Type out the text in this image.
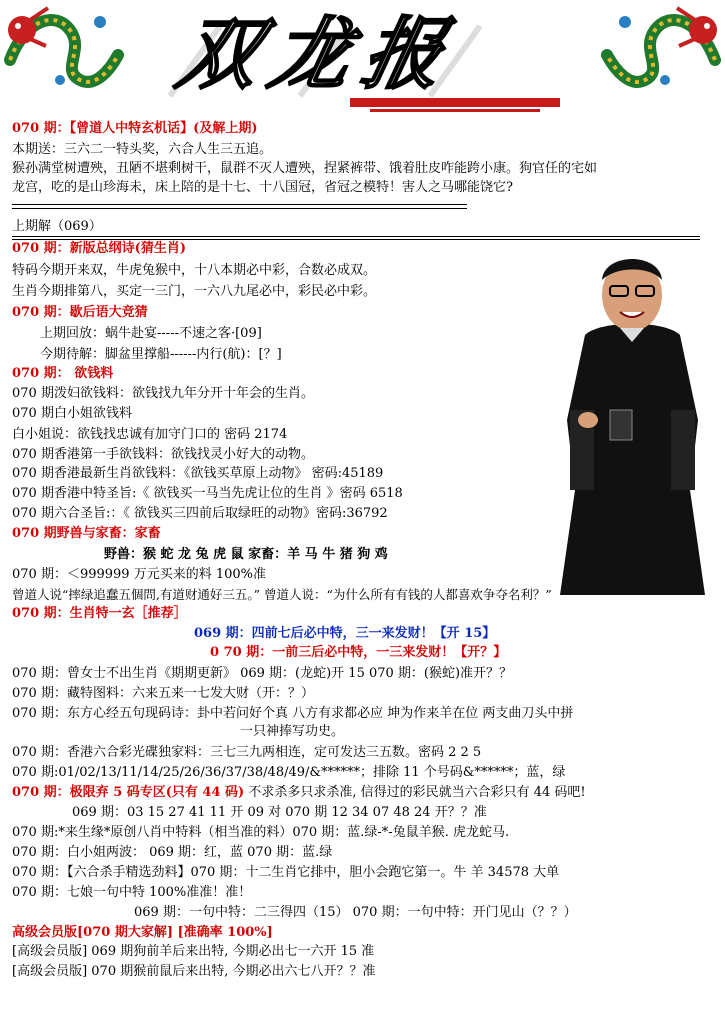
双龙报
070 期：【曾道人中特玄机话】(及解上期)
本期送：三六二一特头奖，六合人生三五追。
猴孙满堂树遭殃，丑陋不堪剩树干，鼠群不灭人遭殃，捏紧裤带、饿着肚皮咋能跨小康。狗官任的宅如
龙宫，吃的是山珍海未，床上陪的是十七、十八国冠，省冠之模特！害人之马哪能饶它?
上期解（069）
070 期：新版总纲诗(猜生肖)
特码今期开来双，牛虎兔猴中，十八本期必中彩，合数必成双。
生肖今期排第八，买定一三门，一六八九尾必中，彩民必中彩。
070 期：歇后语大竞猜
上期回放：蜗牛赴宴-----不速之客·[09]
今期待解：脚盆里撑船------内行(航)：[？]
070 期： 欲钱料
070 期泼妇欲钱料：欲钱找九年分开十年会的生肖。
070 期白小姐欲钱料
白小姐说：欲钱找忠诚有加守门口的 密码 2174
070 期香港第一手欲钱料：欲钱找灵小好大的动物。
070 期香港最新生肖欲钱料：《欲钱买草原上动物》 密码:45189
070 期香港中特圣旨:《 欲钱买一马当先虎让位的生肖 》密码 6518
070 期六合圣旨:：《 欲钱买三四前后取绿旺的动物》密码:36792
070 期野兽与家畜：家畜
野兽：猴 蛇 龙 兔 虎 鼠 家畜：羊 马 牛 猪 狗 鸡
070 期：＜999999 万元买来的料 100%准
曾道人说“摔绿追蠢五個問,有道财通好三五。” 曾道人说：“为什么所有有钱的人都喜欢争夺名利？”
070 期：生肖特一玄［推荐］
069 期：四前七后必中特，三一来发财！【开 15】
0 70 期：一前三后必中特，一三来发财！【开？】
070 期：曾女士不出生肖《期期更新》 069 期：(龙蛇)开 15 070 期：(猴蛇)准开？？
070 期：藏特图料：六来五来一七发大财（开：？）
070 期：东方心经五句现码诗：卦中若问好个真 八方有求都必应 坤为作来羊在位 两支曲刀头中拼
一只神捧写功史。
070 期：香港六合彩光碟独家料：三七三九两相连，定可发达三五数。密码 2 2 5
070 期:01/02/13/11/14/25/26/36/37/38/48/49/&******；排除 11 个号码&******；蓝，绿
070 期：极限弃 5 码专区(只有 44 码) 不求杀多只求杀准, 信得过的彩民就当六合彩只有 44 码吧!
069 期：03 15 27 41 11 开 09 对 070 期 12 34 07 48 24 开？？准
070 期:*来生缘*原创八肖中特料（相当准的料）070 期：蓝.绿-*-兔鼠羊猴. 虎龙蛇马.
070 期：白小姐两波： 069 期：红，蓝 070 期：蓝.绿
070 期：【六合杀手精选劲料】070 期：十二生肖它排中，胆小会跑它第一。牛 羊 34578 大单
070 期：七娘一句中特 100%准准！准！
069 期：一句中特：二三得四（15） 070 期：一句中特：开门见山（？？）
高级会员版[070 期大家解] [准确率 100%]
[高级会员版] 069 期狗前羊后来出特, 今期必出七一六开 15 准
[高级会员版] 070 期猴前鼠后来出特, 今期必出六七八开？？准
